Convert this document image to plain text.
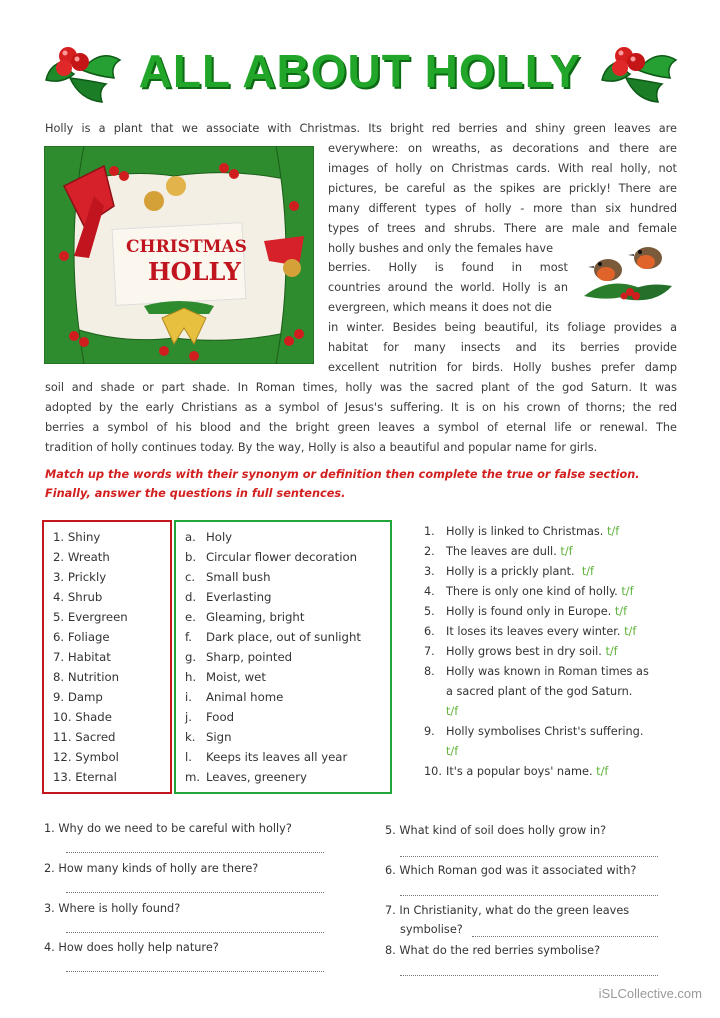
ALL ABOUT HOLLY
Holly is a plant that we associate with Christmas. Its bright red berries and shiny green leaves are
CHRISTMAS
HOLLY
everywhere: on wreaths, as decorations and there are
images of holly on Christmas cards. With real holly, not
pictures, be careful as the spikes are prickly! There are
many different types of holly - more than six hundred
types of trees and shrubs. There are male and female
holly bushes and only the females have
berries. Holly is found in most
countries around the world. Holly is an
evergreen, which means it does not die
in winter. Besides being beautiful, its foliage provides a
habitat for many insects and its berries provide
excellent nutrition for birds. Holly bushes prefer damp
soil and shade or part shade. In Roman times, holly was the sacred plant of the god Saturn. It was
adopted by the early Christians as a symbol of Jesus's suffering. It is on his crown of thorns; the red
berries a symbol of his blood and the bright green leaves a symbol of eternal life or renewal. The
tradition of holly continues today. By the way, Holly is also a beautiful and popular name for girls.
Match up the words with their synonym or definition then complete the true or false section.
Finally, answer the questions in full sentences.
1. Shiny
2. Wreath
3. Prickly
4. Shrub
5. Evergreen
6. Foliage
7. Habitat
8. Nutrition
9. Damp
10. Shade
11. Sacred
12. Symbol
13. Eternal
a. Holy
b. Circular flower decoration
c. Small bush
d. Everlasting
e. Gleaming, bright
f. Dark place, out of sunlight
g. Sharp, pointed
h. Moist, wet
i. Animal home
j. Food
k. Sign
l. Keeps its leaves all year
m. Leaves, greenery
1. Holly is linked to Christmas. t/f
2. The leaves are dull. t/f
3. Holly is a prickly plant. t/f
4. There is only one kind of holly. t/f
5. Holly is found only in Europe. t/f
6. It loses its leaves every winter. t/f
7. Holly grows best in dry soil. t/f
8. Holly was known in Roman times as
a sacred plant of the god Saturn.
t/f
9. Holly symbolises Christ's suffering.
t/f
10. It's a popular boys' name. t/f
1. Why do we need to be careful with holly?
2. How many kinds of holly are there?
3. Where is holly found?
4. How does holly help nature?
5. What kind of soil does holly grow in?
6. Which Roman god was it associated with?
7. In Christianity, what do the green leaves
symbolise?
8. What do the red berries symbolise?
iSLCollective.com
